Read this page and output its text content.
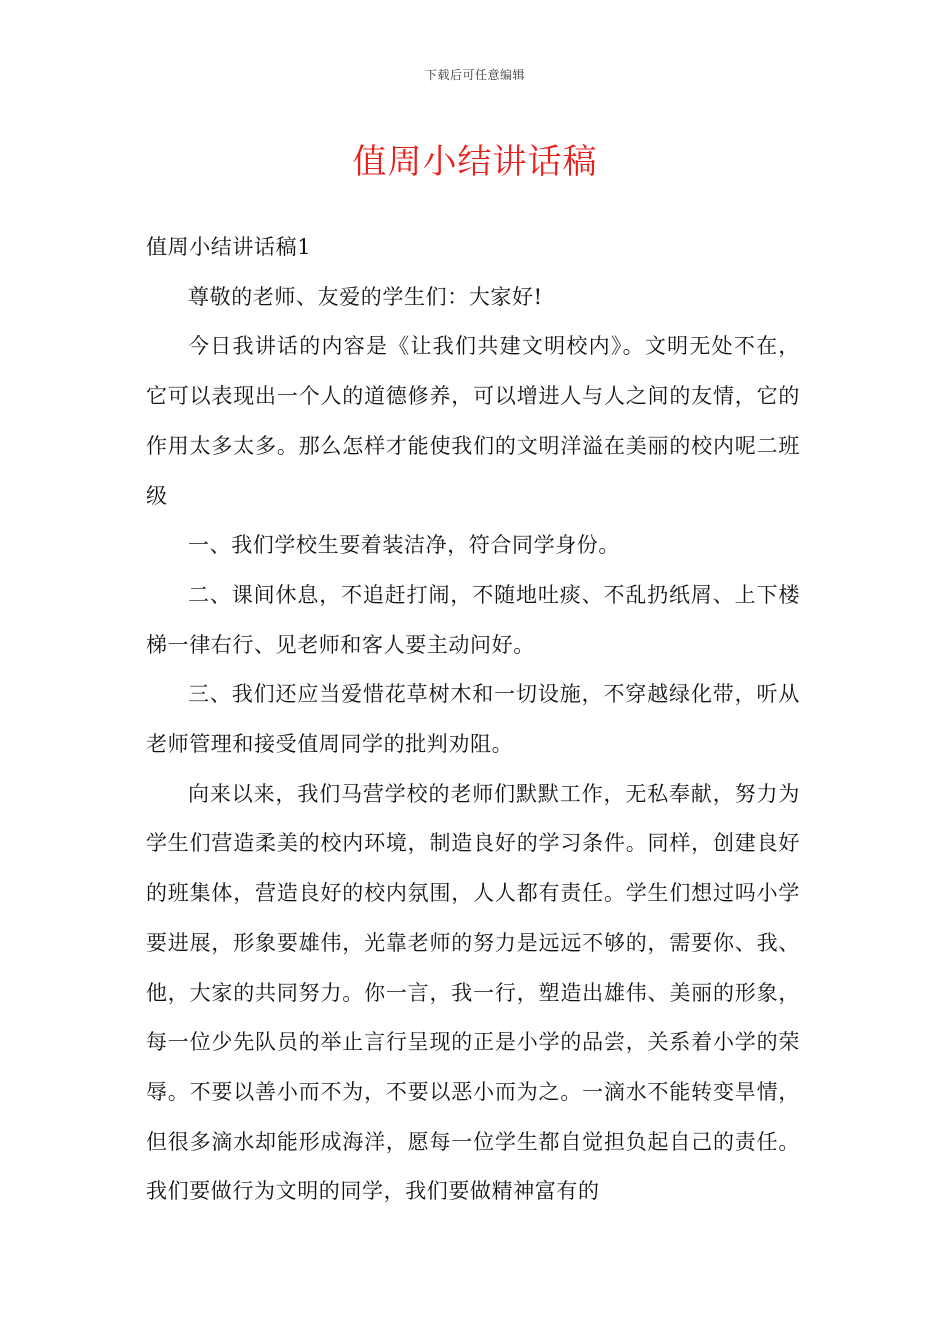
下载后可任意编辑
值周小结讲话稿

值周小结讲话稿1

尊敬的老师、友爱的学生们：大家好!

今日我讲话的内容是《让我们共建文明校内》。文明无处不在，它可以表现出一个人的道德修养，可以增进人与人之间的友情，它的作用太多太多。那么怎样才能使我们的文明洋溢在美丽的校内呢二班级

一、我们学校生要着装洁净，符合同学身份。

二、课间休息，不追赶打闹，不随地吐痰、不乱扔纸屑、上下楼梯一律右行、见老师和客人要主动问好。

三、我们还应当爱惜花草树木和一切设施，不穿越绿化带，听从老师管理和接受值周同学的批判劝阻。

向来以来，我们马营学校的老师们默默工作，无私奉献，努力为学生们营造柔美的校内环境，制造良好的学习条件。同样，创建良好的班集体，营造良好的校内氛围，人人都有责任。学生们想过吗小学要进展，形象要雄伟，光靠老师的努力是远远不够的，需要你、我、他，大家的共同努力。你一言，我一行，塑造出雄伟、美丽的形象，每一位少先队员的举止言行呈现的正是小学的品尝，关系着小学的荣辱。不要以善小而不为，不要以恶小而为之。一滴水不能转变旱情，但很多滴水却能形成海洋，愿每一位学生都自觉担负起自己的责任。我们要做行为文明的同学，我们要做精神富有的
